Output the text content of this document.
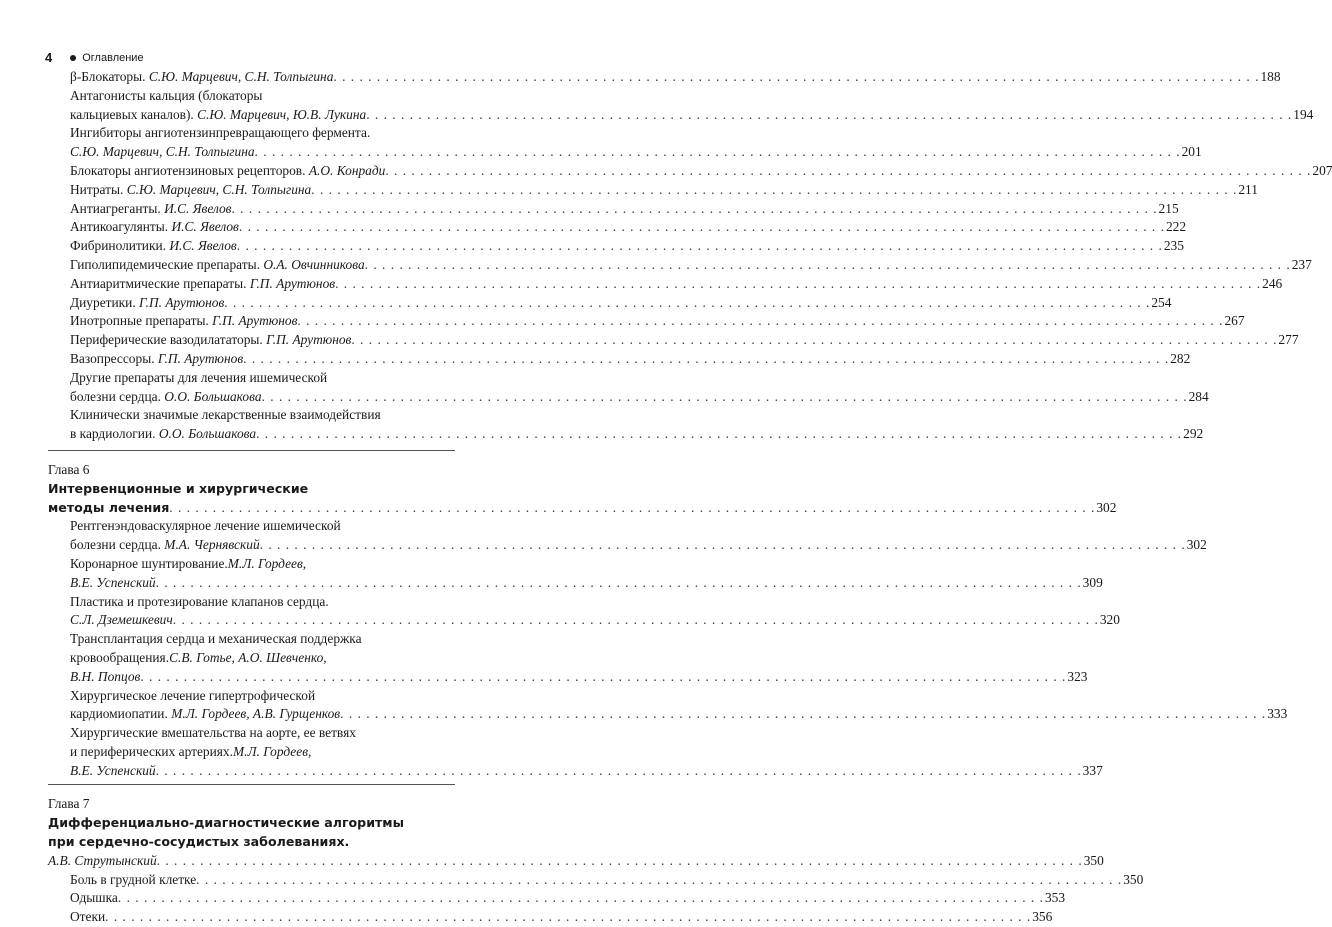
4	Оглавление
β-Блокаторы. С.Ю. Марцевич, С.Н. Толпыгина . . .	188
Антагонисты кальция (блокаторы
кальциевых каналов). С.Ю. Марцевич, Ю.В. Лукина . . .	194
Ингибиторы ангиотензинпревращающего фермента.
С.Ю. Марцевич, С.Н. Толпыгина . . .	201
Блокаторы ангиотензиновых рецепторов. А.О. Конради . . .	207
Нитраты. С.Ю. Марцевич, С.Н. Толпыгина . . .	211
Антиагреганты. И.С. Явелов . . .	215
Антикоагулянты. И.С. Явелов . . .	222
Фибринолитики. И.С. Явелов . . .	235
Гиполипидемические препараты. О.А. Овчинникова . . .	237
Антиаритмические препараты. Г.П. Арутюнов . . .	246
Диуретики. Г.П. Арутюнов . . .	254
Инотропные препараты. Г.П. Арутюнов . . .	267
Периферические вазодилататоры. Г.П. Арутюнов . . .	277
Вазопрессоры. Г.П. Арутюнов . . .	282
Другие препараты для лечения ишемической
болезни сердца. О.О. Большакова . . .	284
Клинически значимые лекарственные взаимодействия
в кардиологии. О.О. Большакова . . .	292
Глава 6
Интервенционные и хирургические
методы лечения . . .	302
Рентгенэндоваскулярное лечение ишемической
болезни сердца. М.А. Чернявский . . .	302
Коронарное шунтирование. М.Л. Гордеев,
В.Е. Успенский . . .	309
Пластика и протезирование клапанов сердца.
С.Л. Дземешкевич . . .	320
Трансплантация сердца и механическая поддержка
кровообращения. С.В. Готье, А.О. Шевченко,
В.Н. Попцов . . .	323
Хирургическое лечение гипертрофической
кардиомиопатии. М.Л. Гордеев, А.В. Гурщенков . . .	333
Хирургические вмешательства на аорте, ее ветвях
и периферических артериях. М.Л. Гордеев,
В.Е. Успенский . . .	337
Глава 7
Дифференциально-диагностические алгоритмы
при сердечно-сосудистых заболеваниях.
А.В. Струтынский . . .	350
Боль в грудной клетке . . .	350
Одышка . . .	353
Отеки . . .	356
